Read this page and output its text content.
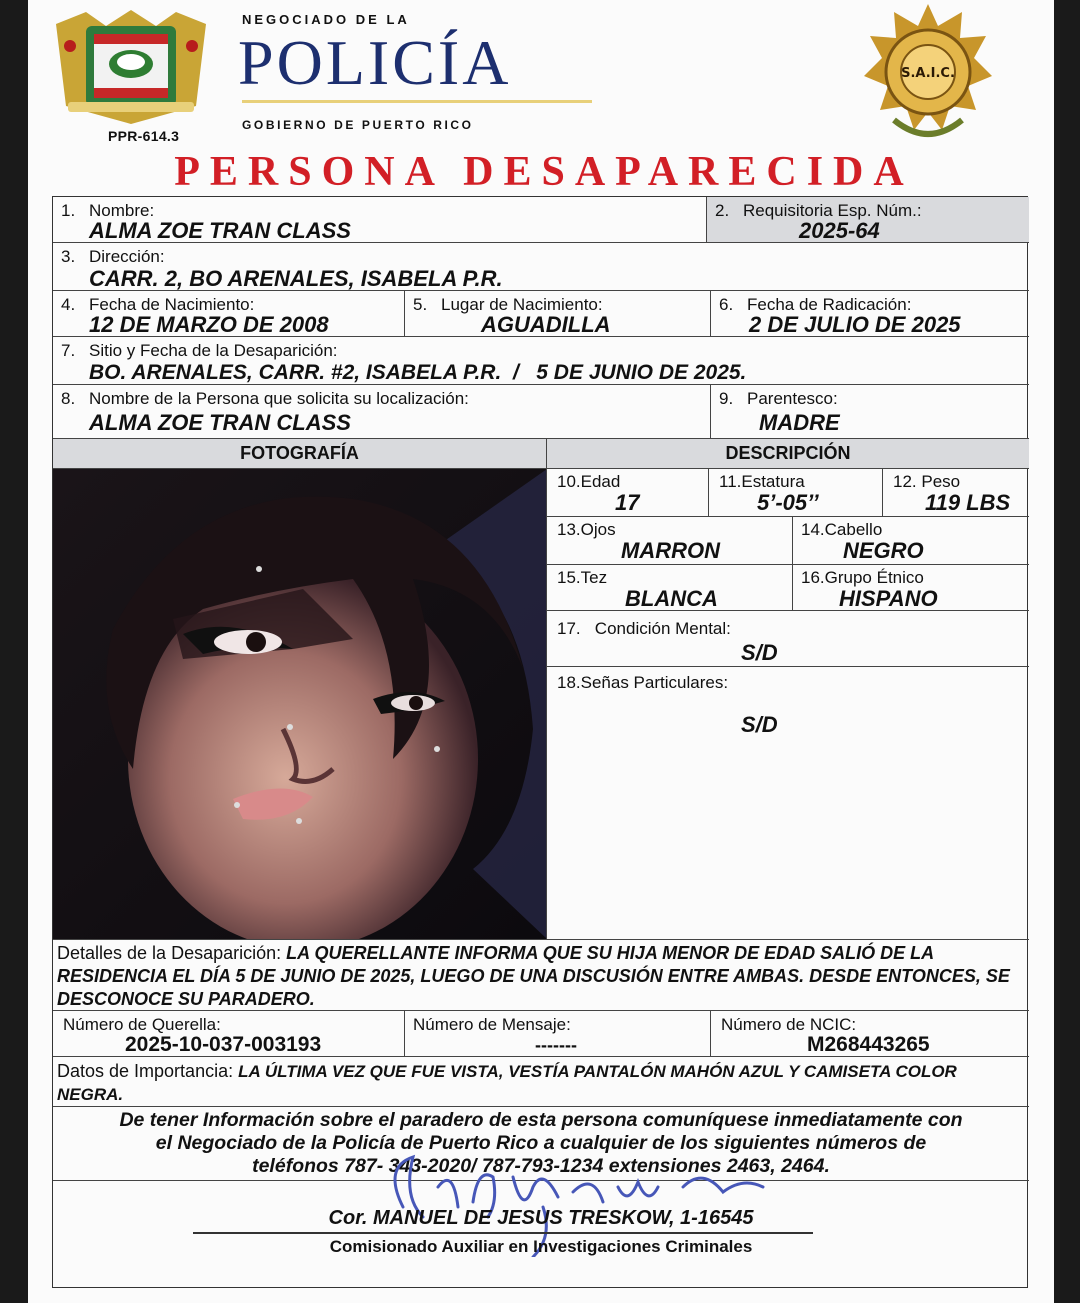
PPR-614.3
NEGOCIADO DE LA
POLICÍA
GOBIERNO DE PUERTO RICO
S.A.I.C.
PERSONA DESAPARECIDA
1. Nombre:
ALMA ZOE TRAN CLASS
2. Requisitoria Esp. Núm.:
2025-64
3. Dirección:
CARR. 2, BO ARENALES, ISABELA P.R.
4. Fecha de Nacimiento:
12 DE MARZO DE 2008
5. Lugar de Nacimiento:
AGUADILLA
6. Fecha de Radicación:
2 DE JULIO DE 2025
7. Sitio y Fecha de la Desaparición:
BO. ARENALES, CARR. #2, ISABELA P.R.  /   5 DE JUNIO DE 2025.
8. Nombre de la Persona que solicita su localización:
ALMA ZOE TRAN CLASS
9. Parentesco:
MADRE
FOTOGRAFÍA	DESCRIPCIÓN
10.Edad
17
11.Estatura
5’-05’’
12. Peso
119 LBS
13.Ojos
MARRON
14.Cabello
NEGRO
15.Tez
BLANCA
16.Grupo Étnico
HISPANO
17.   Condición Mental:
S/D
18.Señas Particulares:
S/D
Detalles de la Desaparición: LA QUERELLANTE INFORMA QUE SU HIJA MENOR DE EDAD SALIÓ DE LA RESIDENCIA EL DÍA 5 DE JUNIO DE 2025, LUEGO DE UNA DISCUSIÓN ENTRE AMBAS. DESDE ENTONCES, SE DESCONOCE SU PARADERO.
Número de Querella:
2025-10-037-003193
Número de Mensaje:
-------
Número de NCIC:
M268443265
Datos de Importancia: LA ÚLTIMA VEZ QUE FUE VISTA, VESTÍA PANTALÓN MAHÓN AZUL Y CAMISETA COLOR NEGRA.
De tener Información sobre el paradero de esta persona comuníquese inmediatamente con
el Negociado de la Policía de Puerto Rico a cualquier de los siguientes números de
teléfonos 787- 343-2020/ 787-793-1234 extensiones 2463, 2464.
Cor. MANUEL DE JESUS TRESKOW, 1-16545
Comisionado Auxiliar en Investigaciones Criminales
